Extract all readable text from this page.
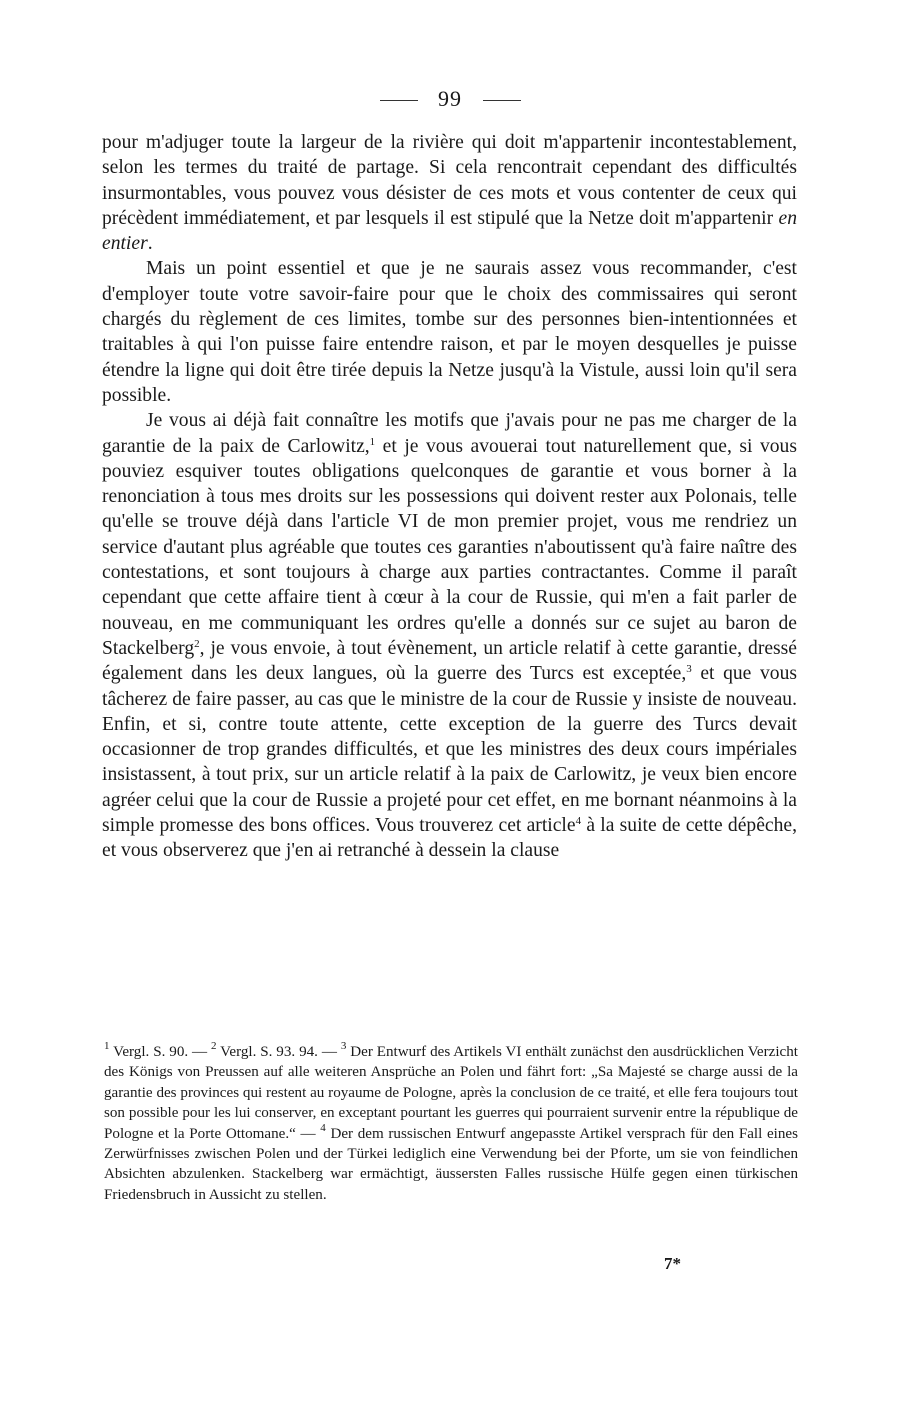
99

pour m'adjuger toute la largeur de la rivière qui doit m'appartenir incontestablement, selon les termes du traité de partage. Si cela rencontrait cependant des difficultés insurmontables, vous pouvez vous désister de ces mots et vous contenter de ceux qui précèdent immédiatement, et par lesquels il est stipulé que la Netze doit m'appartenir en entier.

Mais un point essentiel et que je ne saurais assez vous recommander, c'est d'employer toute votre savoir-faire pour que le choix des commissaires qui seront chargés du règlement de ces limites, tombe sur des personnes bien-intentionnées et traitables à qui l'on puisse faire entendre raison, et par le moyen desquelles je puisse étendre la ligne qui doit être tirée depuis la Netze jusqu'à la Vistule, aussi loin qu'il sera possible.

Je vous ai déjà fait connaître les motifs que j'avais pour ne pas me charger de la garantie de la paix de Carlowitz,$^1$ et je vous avouerai tout naturellement que, si vous pouviez esquiver toutes obligations quelconques de garantie et vous borner à la renonciation à tous mes droits sur les possessions qui doivent rester aux Polonais, telle qu'elle se trouve déjà dans l'article VI de mon premier projet, vous me rendriez un service d'autant plus agréable que toutes ces garanties n'aboutissent qu'à faire naître des contestations, et sont toujours à charge aux parties contractantes. Comme il paraît cependant que cette affaire tient à cœur à la cour de Russie, qui m'en a fait parler de nouveau, en me communiquant les ordres qu'elle a donnés sur ce sujet au baron de Stackelberg$^2$, je vous envoie, à tout évènement, un article relatif à cette garantie, dressé également dans les deux langues, où la guerre des Turcs est exceptée,$^3$ et que vous tâcherez de faire passer, au cas que le ministre de la cour de Russie y insiste de nouveau. Enfin, et si, contre toute attente, cette exception de la guerre des Turcs devait occasionner de trop grandes difficultés, et que les ministres des deux cours impériales insistassent, à tout prix, sur un article relatif à la paix de Carlowitz, je veux bien encore agréer celui que la cour de Russie a projeté pour cet effet, en me bornant néanmoins à la simple promesse des bons offices. Vous trouverez cet article$^4$ à la suite de cette dépêche, et vous observerez que j'en ai retranché à dessein la clause

$^1$ Vergl. S. 90. — $^2$ Vergl. S. 93. 94. — $^3$ Der Entwurf des Artikels VI enthält zunächst den ausdrücklichen Verzicht des Königs von Preussen auf alle weiteren Ansprüche an Polen und fährt fort: „Sa Majesté se charge aussi de la garantie des provinces qui restent au royaume de Pologne, après la conclusion de ce traité, et elle fera toujours tout son possible pour les lui conserver, en exceptant pourtant les guerres qui pourraient survenir entre la république de Pologne et la Porte Ottomane.“ — $^4$ Der dem russischen Entwurf angepasste Artikel versprach für den Fall eines Zerwürfnisses zwischen Polen und der Türkei lediglich eine Verwendung bei der Pforte, um sie von feindlichen Absichten abzulenken. Stackelberg war ermächtigt, äussersten Falles russische Hülfe gegen einen türkischen Friedensbruch in Aussicht zu stellen.

7*
